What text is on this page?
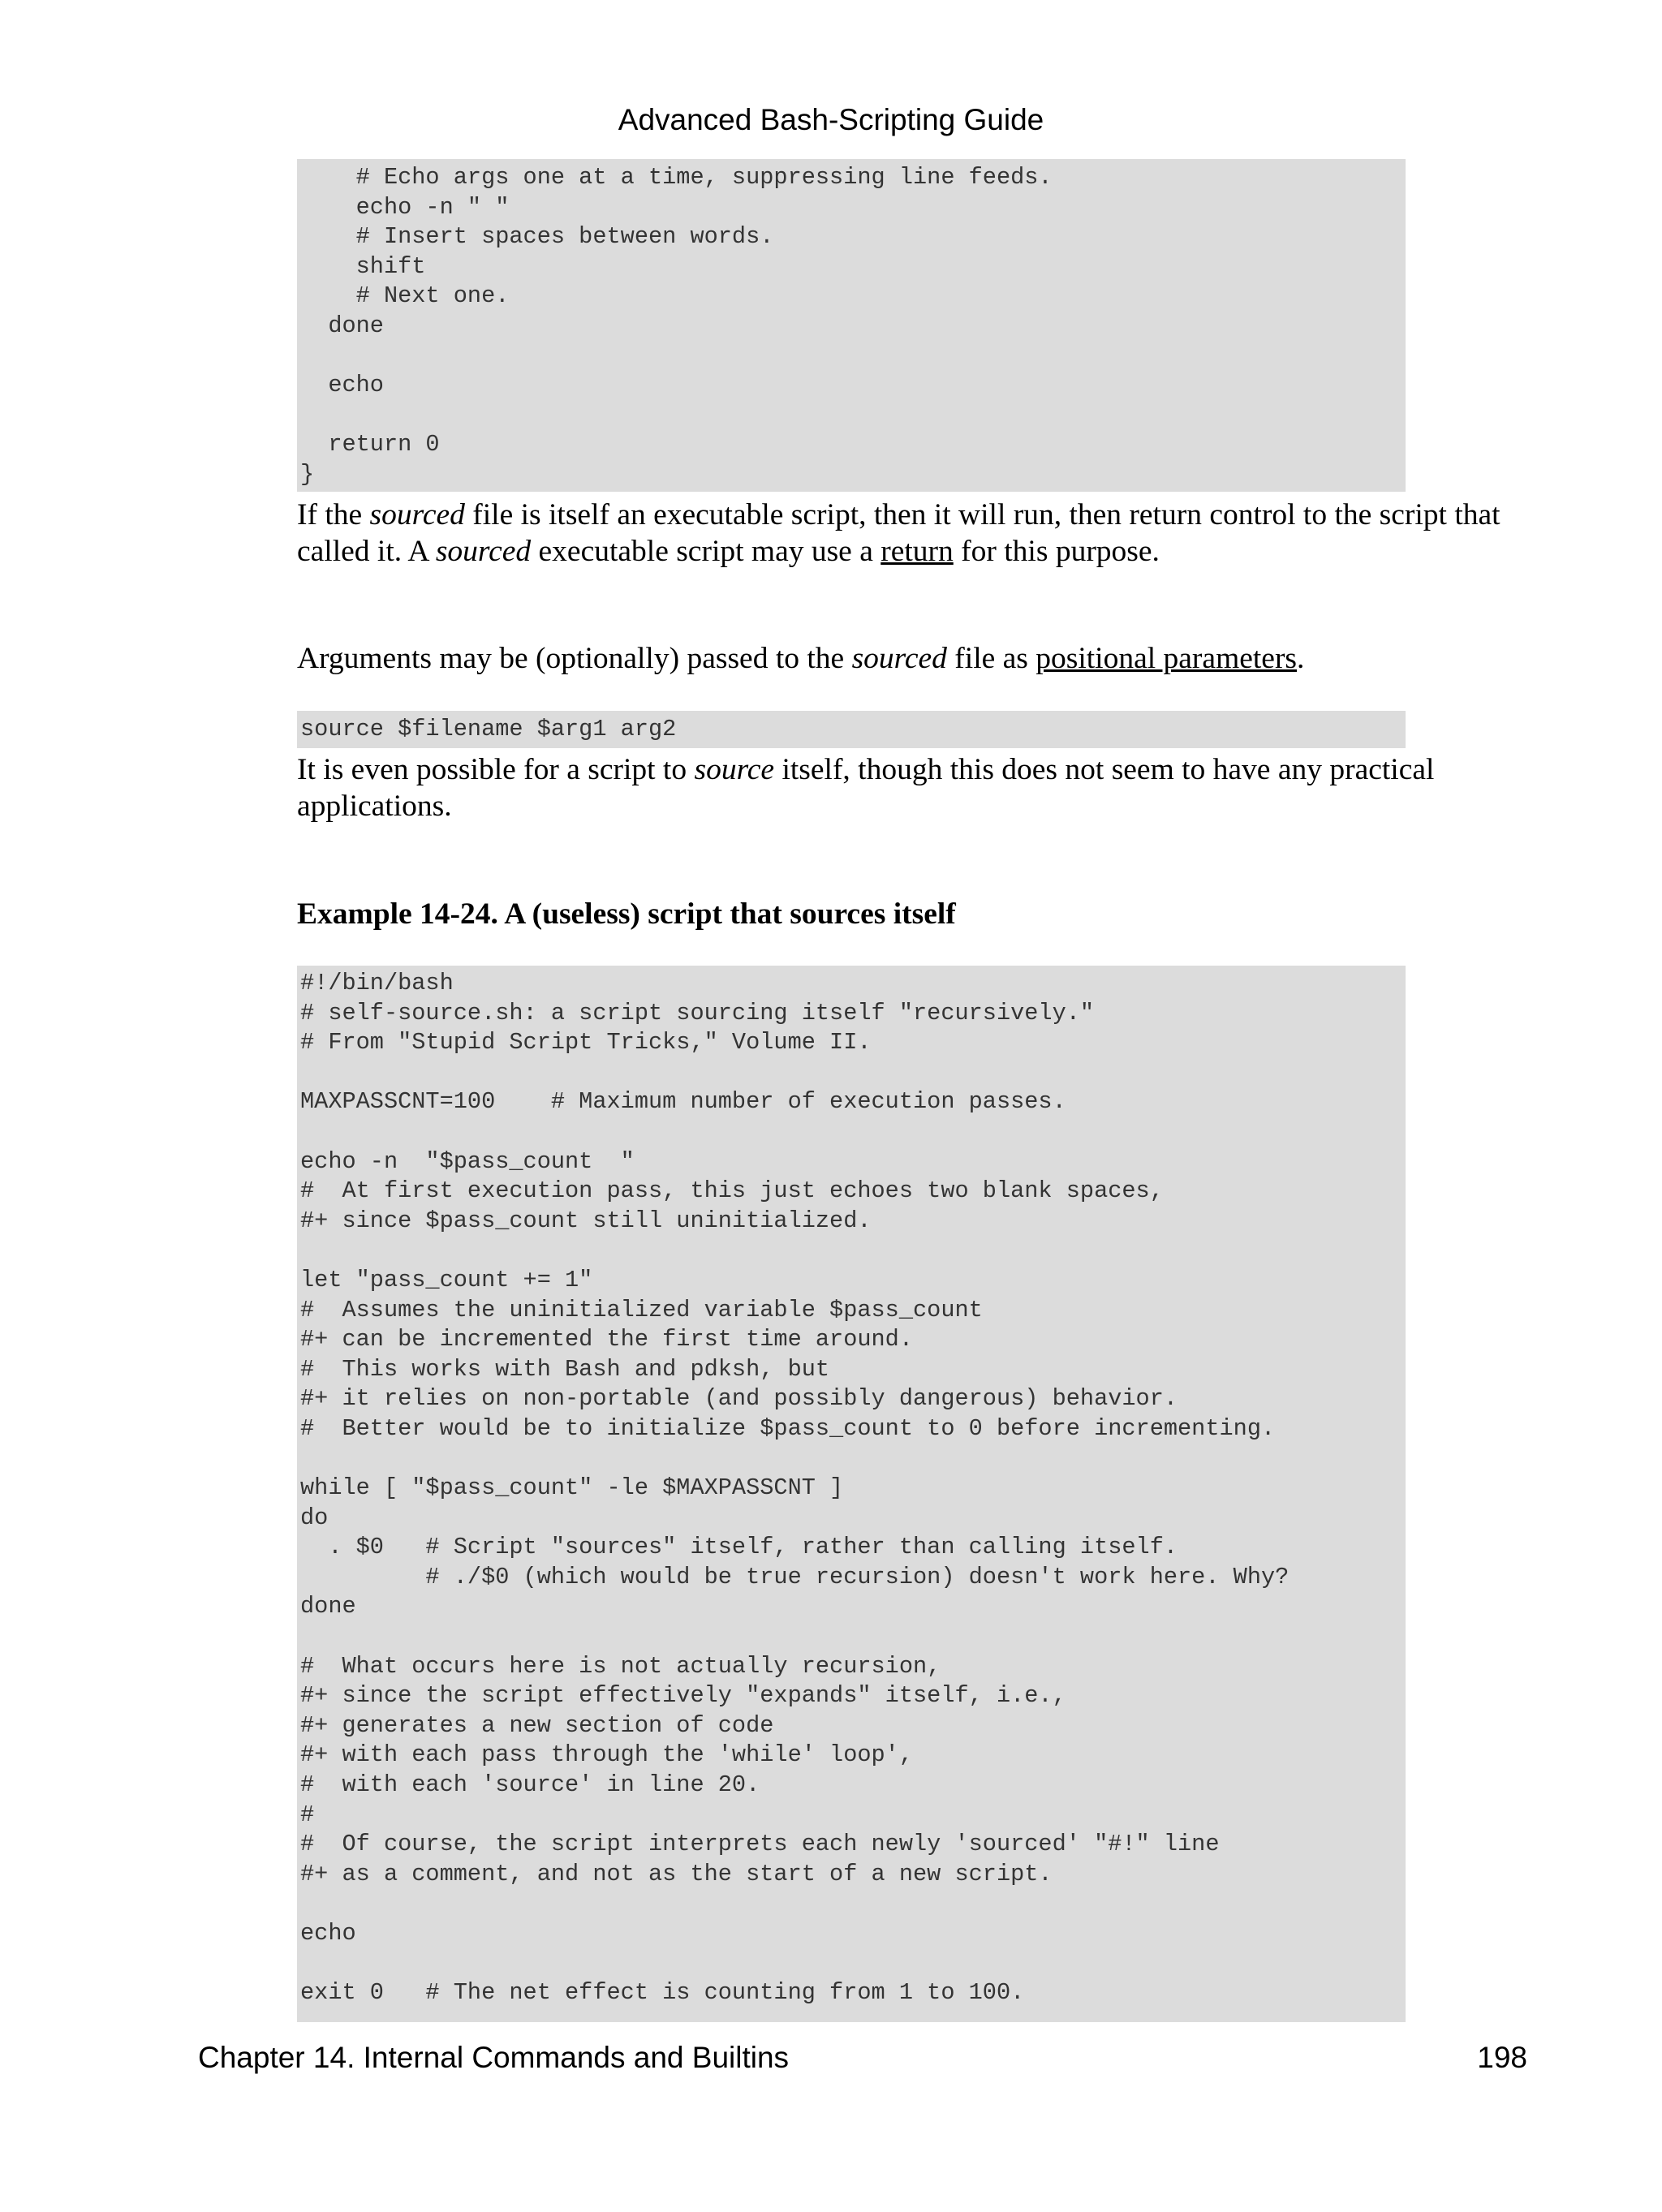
Advanced Bash-Scripting Guide
# Echo args one at a time, suppressing line feeds.
echo -n " "
# Insert spaces between words.
shift
# Next one.
done

echo

return 0
}

If the sourced file is itself an executable script, then it will run, then return control to the script that called it. A sourced executable script may use a return for this purpose.

Arguments may be (optionally) passed to the sourced file as positional parameters.

source $filename $arg1 arg2

It is even possible for a script to source itself, though this does not seem to have any practical applications.

Example 14-24. A (useless) script that sources itself
#!/bin/bash
# self-source.sh: a script sourcing itself "recursively."
# From "Stupid Script Tricks," Volume II.

MAXPASSCNT=100    # Maximum number of execution passes.

echo -n  "$pass_count  "
#  At first execution pass, this just echoes two blank spaces,
#+ since $pass_count still uninitialized.

let "pass_count += 1"
#  Assumes the uninitialized variable $pass_count
#+ can be incremented the first time around.
#  This works with Bash and pdksh, but
#+ it relies on non-portable (and possibly dangerous) behavior.
#  Better would be to initialize $pass_count to 0 before incrementing.

while [ "$pass_count" -le $MAXPASSCNT ]
do
. $0   # Script "sources" itself, rather than calling itself.
# ./$0 (which would be true recursion) doesn't work here. Why?
done

#  What occurs here is not actually recursion,
#+ since the script effectively "expands" itself, i.e.,
#+ generates a new section of code
#+ with each pass through the 'while' loop',
#  with each 'source' in line 20.
#
#  Of course, the script interprets each newly 'sourced' "#!" line
#+ as a comment, and not as the start of a new script.

echo

exit 0   # The net effect is counting from 1 to 100.
Chapter 14. Internal Commands and Builtins	198
